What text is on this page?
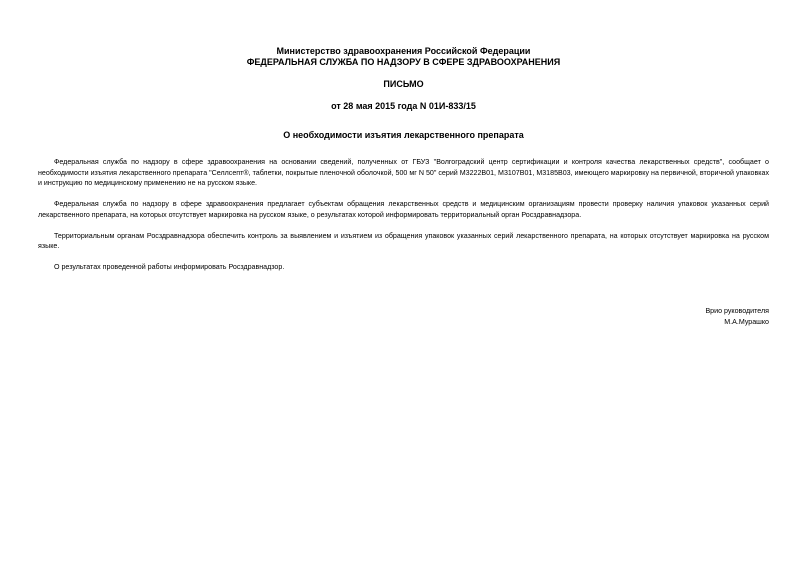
Министерство здравоохранения Российской Федерации
ФЕДЕРАЛЬНАЯ СЛУЖБА ПО НАДЗОРУ В СФЕРЕ ЗДРАВООХРАНЕНИЯ
ПИСЬМО
от 28 мая 2015 года N 01И-833/15
О необходимости изъятия лекарственного препарата

Федеральная служба по надзору в сфере здравоохранения на основании сведений, полученных от ГБУЗ "Волгоградский центр сертификации и контроля качества лекарственных средств", сообщает о необходимости изъятия лекарственного препарата "Селлсепт®, таблетки, покрытые пленочной оболочкой, 500 мг N 50" серий M3222B01, M3107B01, M3185B03, имеющего маркировку на первичной, вторичной упаковках и инструкцию по медицинскому применению не на русском языке.

Федеральная служба по надзору в сфере здравоохранения предлагает субъектам обращения лекарственных средств и медицинским организациям провести проверку наличия упаковок указанных серий лекарственного препарата, на которых отсутствует маркировка на русском языке, о результатах которой информировать территориальный орган Росздравнадзора.

Территориальным органам Росздравнадзора обеспечить контроль за выявлением и изъятием из обращения упаковок указанных серий лекарственного препарата, на которых отсутствует маркировка на русском языке.

О результатах проведенной работы информировать Росздравнадзор.

Врио руководителя
М.А.Мурашко
